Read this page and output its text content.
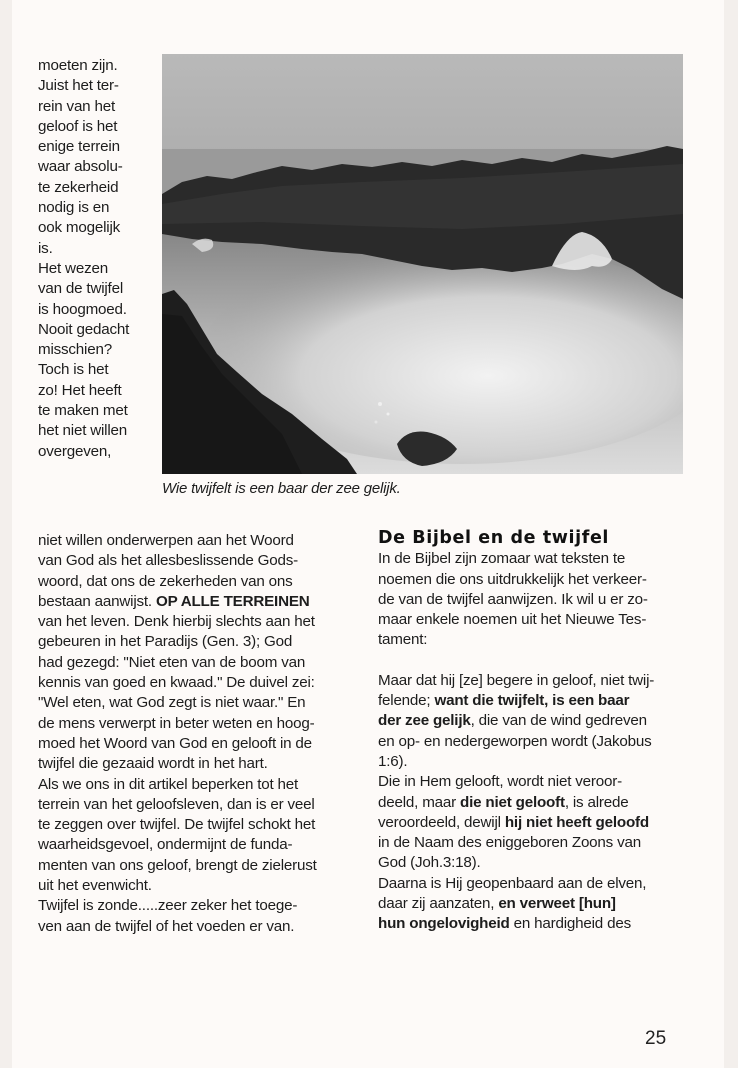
moeten zijn.
Juist het ter-
rein van het
geloof is het
enige terrein
waar absolu-
te zekerheid
nodig is en
ook mogelijk
is.
Het wezen
van de twijfel
is hoogmoed.
Nooit gedacht
misschien?
Toch is het
zo! Het heeft
te maken met
het niet willen
overgeven,
Wie twijfelt is een baar der zee gelijk.
niet willen onderwerpen aan het Woord
van God als het allesbeslissende Gods-
woord, dat ons de zekerheden van ons
bestaan aanwijst. OP ALLE TERREINEN
van het leven. Denk hierbij slechts aan het
gebeuren in het Paradijs (Gen. 3); God
had gezegd: "Niet eten van de boom van
kennis van goed en kwaad." De duivel zei:
"Wel eten, wat God zegt is niet waar." En
de mens verwerpt in beter weten en hoog-
moed het Woord van God en gelooft in de
twijfel die gezaaid wordt in het hart.
Als we ons in dit artikel beperken tot het
terrein van het geloofsleven, dan is er veel
te zeggen over twijfel. De twijfel schokt het
waarheidsgevoel, ondermijnt de funda-
menten van ons geloof, brengt de zielerust
uit het evenwicht.
Twijfel is zonde.....zeer zeker het toege-
ven aan de twijfel of het voeden er van.
De Bijbel en de twijfel
In de Bijbel zijn zomaar wat teksten te
noemen die ons uitdrukkelijk het verkeer-
de van de twijfel aanwijzen. Ik wil u er zo-
maar enkele noemen uit het Nieuwe Tes-
tament:
Maar dat hij [ze] begere in geloof, niet twij-
felende; want die twijfelt, is een baar
der zee gelijk, die van de wind gedreven
en op- en nedergeworpen wordt (Jakobus
1:6).
Die in Hem gelooft, wordt niet veroor-
deeld, maar die niet gelooft, is alrede
veroordeeld, dewijl hij niet heeft geloofd
in de Naam des eniggeboren Zoons van
God (Joh.3:18).
Daarna is Hij geopenbaard aan de elven,
daar zij aanzaten, en verweet [hun]
hun ongelovigheid en hardigheid des
25
